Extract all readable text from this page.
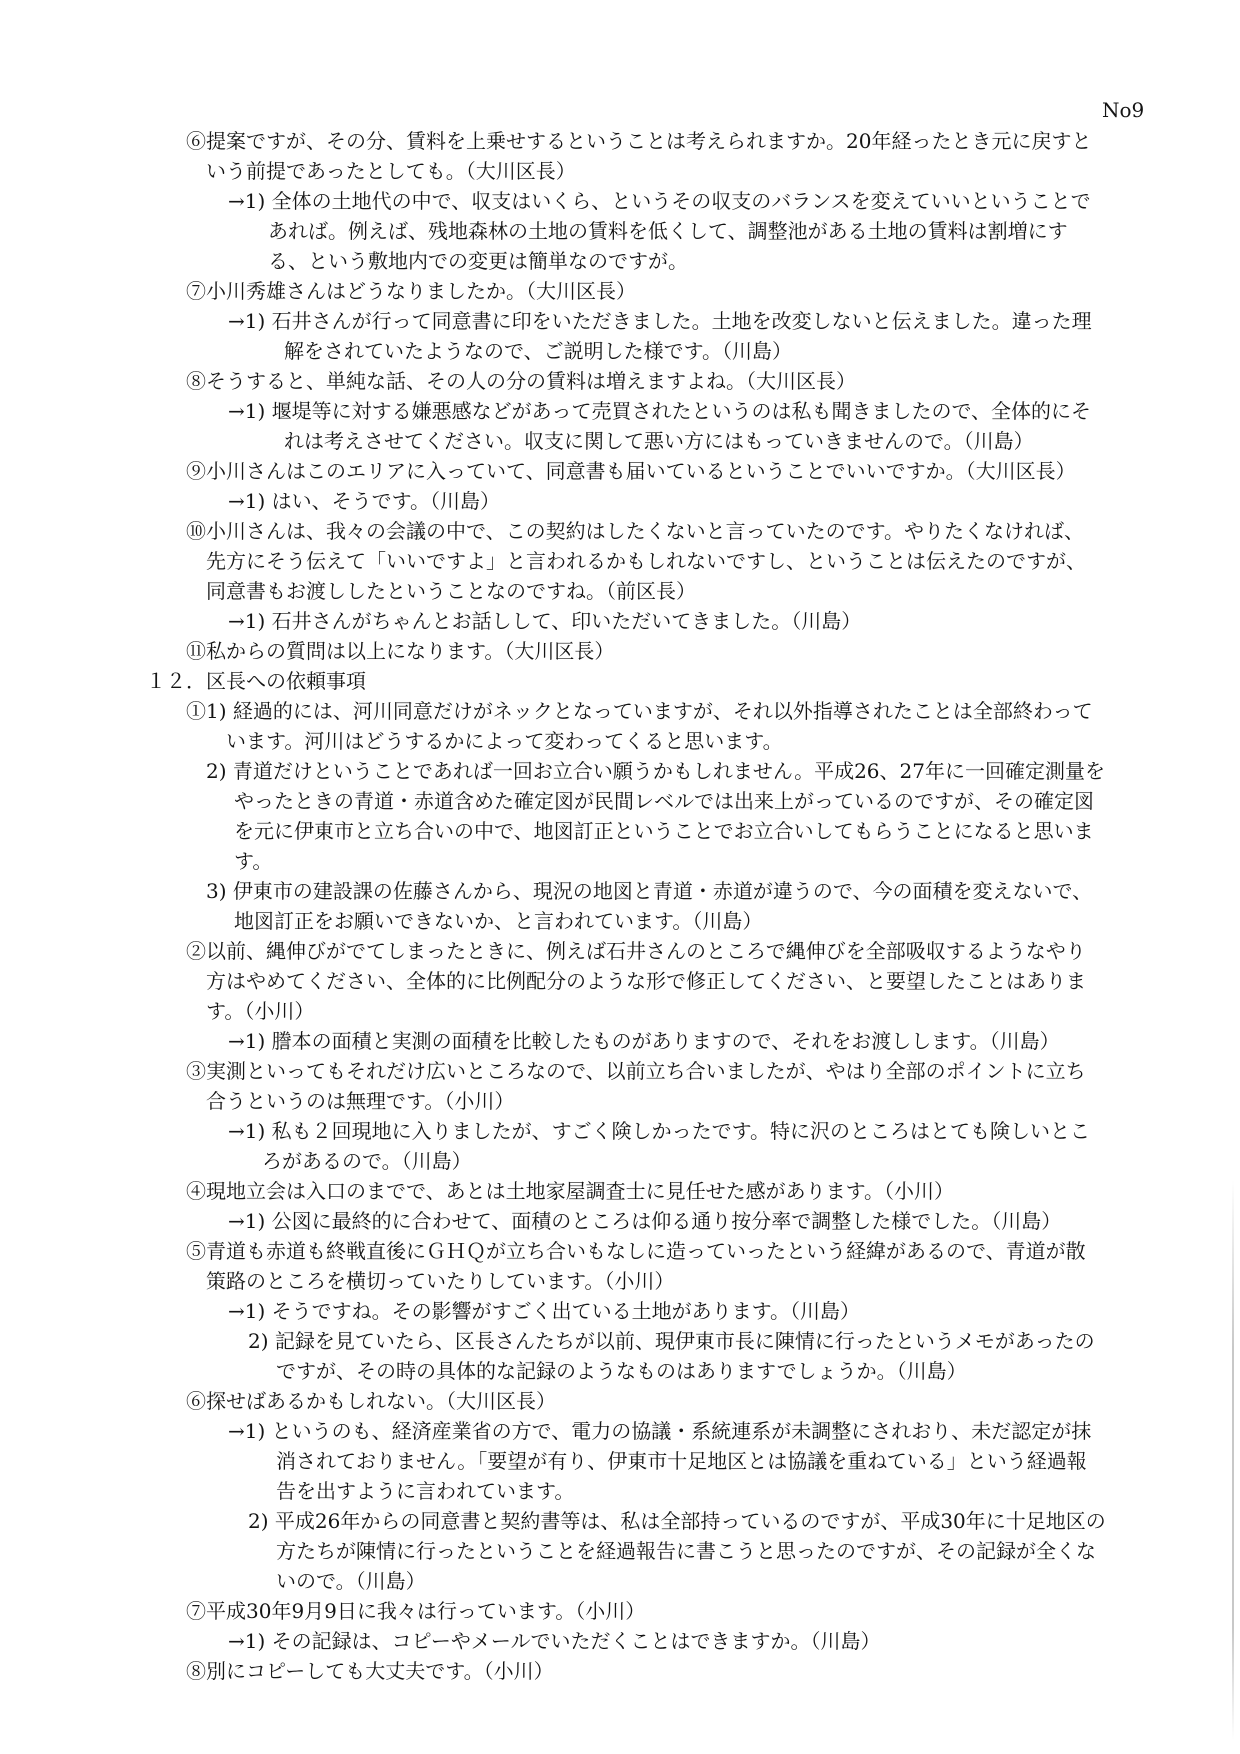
No9
⑥提案ですが、その分、賃料を上乗せするということは考えられますか。20年経ったとき元に戻すと
いう前提であったとしても。（大川区長）
→1) 全体の土地代の中で、収支はいくら、というその収支のバランスを変えていいということで
あれば。例えば、残地森林の土地の賃料を低くして、調整池がある土地の賃料は割増にす
る、という敷地内での変更は簡単なのですが。
⑦小川秀雄さんはどうなりましたか。（大川区長）
→1) 石井さんが行って同意書に印をいただきました。土地を改変しないと伝えました。違った理
解をされていたようなので、ご説明した様です。（川島）
⑧そうすると、単純な話、その人の分の賃料は増えますよね。（大川区長）
→1) 堰堤等に対する嫌悪感などがあって売買されたというのは私も聞きましたので、全体的にそ
れは考えさせてください。収支に関して悪い方にはもっていきませんので。（川島）
⑨小川さんはこのエリアに入っていて、同意書も届いているということでいいですか。（大川区長）
→1) はい、そうです。（川島）
⑩小川さんは、我々の会議の中で、この契約はしたくないと言っていたのです。やりたくなければ、
先方にそう伝えて「いいですよ」と言われるかもしれないですし、ということは伝えたのですが、
同意書もお渡ししたということなのですね。（前区長）
→1) 石井さんがちゃんとお話しして、印いただいてきました。（川島）
⑪私からの質問は以上になります。（大川区長）
１２．区長への依頼事項
①1) 経過的には、河川同意だけがネックとなっていますが、それ以外指導されたことは全部終わって
います。河川はどうするかによって変わってくると思います。
2) 青道だけということであれば一回お立合い願うかもしれません。平成26、27年に一回確定測量を
やったときの青道・赤道含めた確定図が民間レベルでは出来上がっているのですが、その確定図
を元に伊東市と立ち合いの中で、地図訂正ということでお立合いしてもらうことになると思いま
す。
3) 伊東市の建設課の佐藤さんから、現況の地図と青道・赤道が違うので、今の面積を変えないで、
地図訂正をお願いできないか、と言われています。（川島）
②以前、縄伸びがでてしまったときに、例えば石井さんのところで縄伸びを全部吸収するようなやり
方はやめてください、全体的に比例配分のような形で修正してください、と要望したことはありま
す。（小川）
→1) 謄本の面積と実測の面積を比較したものがありますので、それをお渡しします。（川島）
③実測といってもそれだけ広いところなので、以前立ち合いましたが、やはり全部のポイントに立ち
合うというのは無理です。（小川）
→1) 私も２回現地に入りましたが、すごく険しかったです。特に沢のところはとても険しいとこ
ろがあるので。（川島）
④現地立会は入口のまでで、あとは土地家屋調査士に見任せた感があります。（小川）
→1) 公図に最終的に合わせて、面積のところは仰る通り按分率で調整した様でした。（川島）
⑤青道も赤道も終戦直後にＧＨＱが立ち合いもなしに造っていったという経緯があるので、青道が散
策路のところを横切っていたりしています。（小川）
→1) そうですね。その影響がすごく出ている土地があります。（川島）
2) 記録を見ていたら、区長さんたちが以前、現伊東市長に陳情に行ったというメモがあったの
ですが、その時の具体的な記録のようなものはありますでしょうか。（川島）
⑥探せばあるかもしれない。（大川区長）
→1) というのも、経済産業省の方で、電力の協議・系統連系が未調整にされおり、未だ認定が抹
消されておりません。「要望が有り、伊東市十足地区とは協議を重ねている」という経過報
告を出すように言われています。
2) 平成26年からの同意書と契約書等は、私は全部持っているのですが、平成30年に十足地区の
方たちが陳情に行ったということを経過報告に書こうと思ったのですが、その記録が全くな
いので。（川島）
⑦平成30年9月9日に我々は行っています。（小川）
→1) その記録は、コピーやメールでいただくことはできますか。（川島）
⑧別にコピーしても大丈夫です。（小川）
